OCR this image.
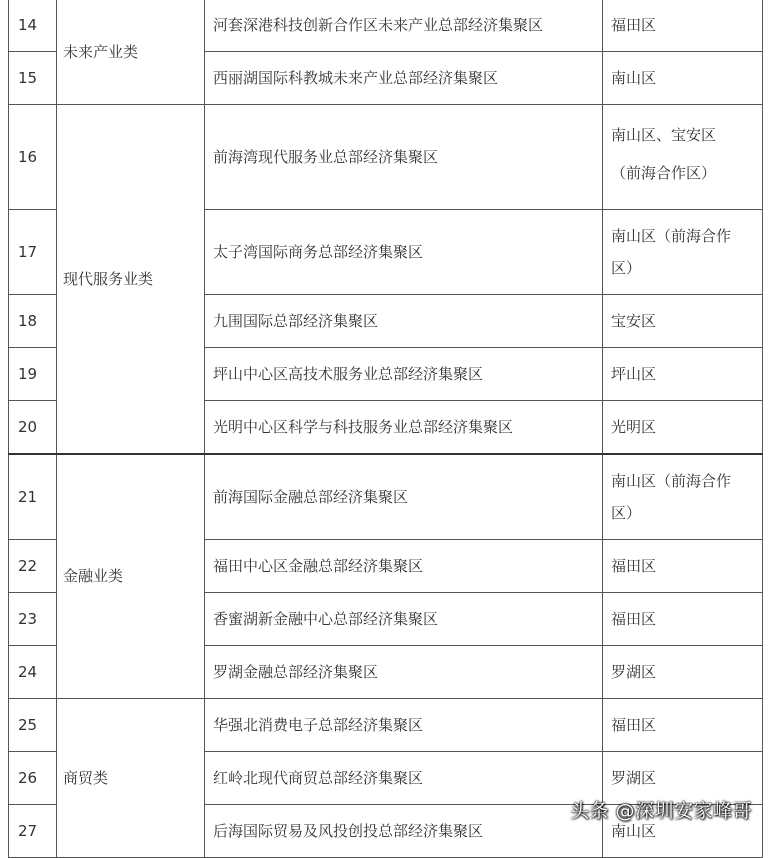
14	未来产业类	河套深港科技创新合作区未来产业总部经济集聚区	福田区
15		西丽湖国际科教城未来产业总部经济集聚区	南山区
16	现代服务业类	前海湾现代服务业总部经济集聚区	南山区、宝安区
（前海合作区）

17		太子湾国际商务总部经济集聚区	南山区（前海合作
区）

18		九围国际总部经济集聚区	宝安区
19		坪山中心区高技术服务业总部经济集聚区	坪山区
20		光明中心区科学与科技服务业总部经济集聚区	光明区
21	金融业类	前海国际金融总部经济集聚区	南山区（前海合作
区）

22		福田中心区金融总部经济集聚区	福田区
23		香蜜湖新金融中心总部经济集聚区	福田区
24		罗湖金融总部经济集聚区	罗湖区
25	商贸类	华强北消费电子总部经济集聚区	福田区
26		红岭北现代商贸总部经济集聚区	罗湖区
27		后海国际贸易及风投创投总部经济集聚区	南山区
头条 @深圳安家峰哥
